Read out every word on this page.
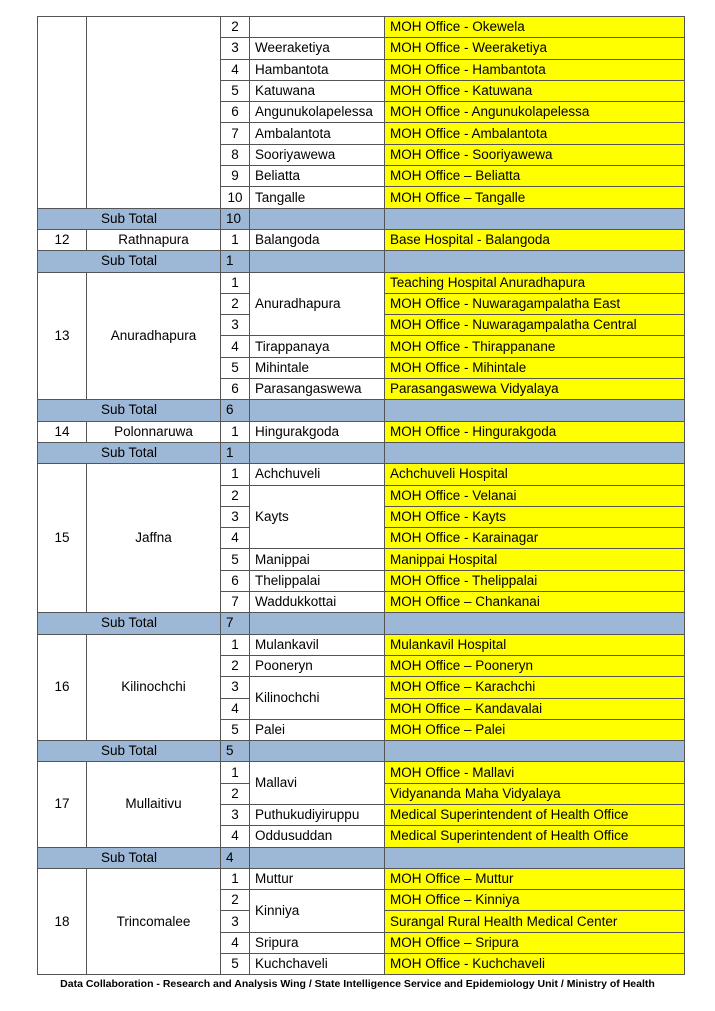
		2		MOH Office - Okewela
		3	Weeraketiya	MOH Office - Weeraketiya
		4	Hambantota	MOH Office - Hambantota
		5	Katuwana	MOH Office - Katuwana
		6	Angunukolapelessa	MOH Office - Angunukolapelessa
		7	Ambalantota	MOH Office - Ambalantota
		8	Sooriyawewa	MOH Office - Sooriyawewa
		9	Beliatta	MOH Office – Beliatta
		10	Tangalle	MOH Office – Tangalle
Sub Total		10		
12	Rathnapura	1	Balangoda	Base Hospital - Balangoda
Sub Total		1		
13	Anuradhapura	1	Anuradhapura	Teaching Hospital Anuradhapura
		2		MOH Office - Nuwaragampalatha East
		3		MOH Office - Nuwaragampalatha Central
		4	Tirappanaya	MOH Office - Thirappanane
		5	Mihintale	MOH Office - Mihintale
		6	Parasangaswewa	Parasangaswewa Vidyalaya
Sub Total		6		
14	Polonnaruwa	1	Hingurakgoda	MOH Office - Hingurakgoda
Sub Total		1		
15	Jaffna	1	Achchuveli	Achchuveli Hospital
		2	Kayts	MOH Office - Velanai
		3		MOH Office - Kayts
		4		MOH Office - Karainagar
		5	Manippai	Manippai Hospital
		6	Thelippalai	MOH Office - Thelippalai
		7	Waddukkottai	MOH Office – Chankanai
Sub Total		7		
16	Kilinochchi	1	Mulankavil	Mulankavil Hospital
		2	Pooneryn	MOH Office – Pooneryn
		3	Kilinochchi	MOH Office – Karachchi
		4		MOH Office – Kandavalai
		5	Palei	MOH Office – Palei
Sub Total		5		
17	Mullaitivu	1	Mallavi	MOH Office - Mallavi
		2		Vidyananda Maha Vidyalaya
		3	Puthukudiyiruppu	Medical Superintendent of Health Office
		4	Oddusuddan	Medical Superintendent of Health Office
Sub Total		4		
18	Trincomalee	1	Muttur	MOH Office – Muttur
		2	Kinniya	MOH Office – Kinniya
		3		Surangal Rural Health Medical Center
		4	Sripura	MOH Office – Sripura
		5	Kuchchaveli	MOH Office - Kuchchaveli
Data Collaboration - Research and Analysis Wing / State Intelligence Service and Epidemiology Unit / Ministry of Health
